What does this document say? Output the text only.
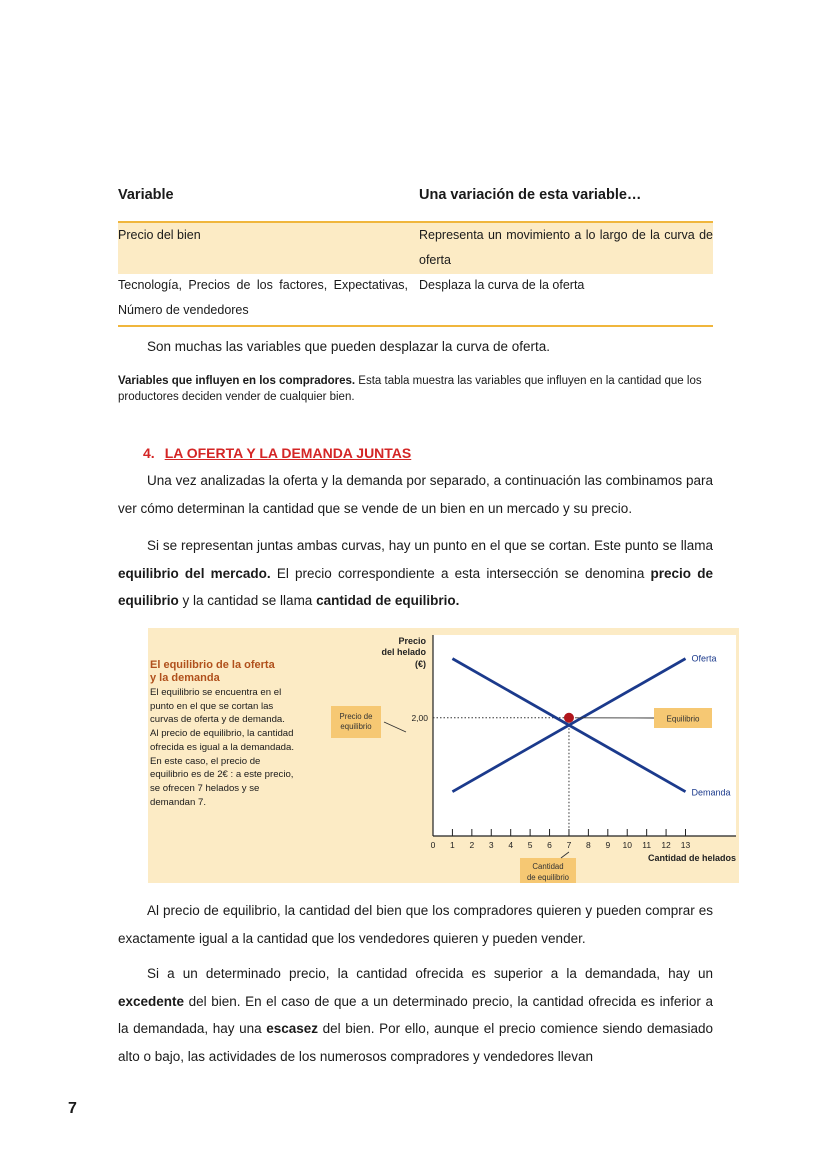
Variable	Una variación de esta variable…
Precio del bien	Representa un movimiento a lo largo de la curva de oferta
Tecnología, Precios de los factores, Expectativas, Número de vendedores
Desplaza la curva de la oferta
Son muchas las variables que pueden desplazar la curva de oferta.
Variables que influyen en los compradores. Esta tabla muestra las variables que influyen en la cantidad que los productores deciden vender de cualquier bien.
4. LA OFERTA Y LA DEMANDA JUNTAS
Una vez analizadas la oferta y la demanda por separado, a continuación las combinamos para ver cómo determinan la cantidad que se vende de un bien en un mercado y su precio.
Si se representan juntas ambas curvas, hay un punto en el que se cortan. Este punto se llama equilibrio del mercado. El precio correspondiente a esta intersección se denomina precio de equilibrio y la cantidad se llama cantidad de equilibrio.
El equilibrio de la oferta
y la demanda
El equilibrio se encuentra en el punto en el que se cortan las curvas de oferta y de demanda. Al precio de equilibrio, la cantidad ofrecida es igual a la demandada. En este caso, el precio de equilibrio es de 2€ : a este precio, se ofrecen 7 helados y se demandan 7.
Precio
del helado
(€)
0 1 2 3 4 5 6 7 8 9 10 11 12 13
Cantidad de helados
Oferta
Demanda
2,00
Precio de
equilibrio
Equilibrio
Cantidad
de equilibrio
Al precio de equilibrio, la cantidad del bien que los compradores quieren y pueden comprar es exactamente igual a la cantidad que los vendedores quieren y pueden vender.
Si a un determinado precio, la cantidad ofrecida es superior a la demandada, hay un excedente del bien. En el caso de que a un determinado precio, la cantidad ofrecida es inferior a la demandada, hay una escasez del bien. Por ello, aunque el precio comience siendo demasiado alto o bajo, las actividades de los numerosos compradores y vendedores llevan
7
